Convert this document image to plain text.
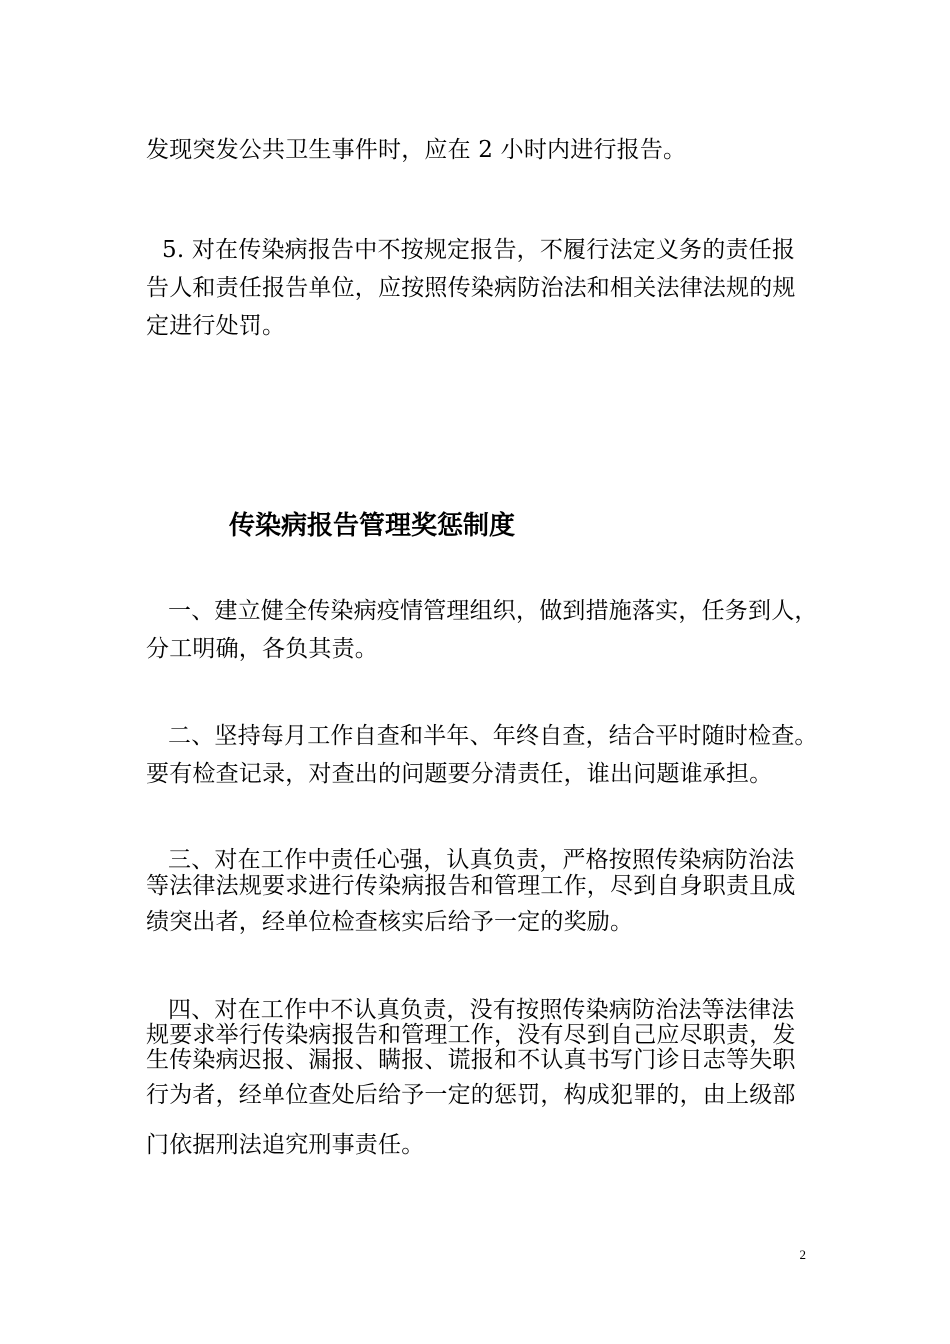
发现突发公共卫生事件时，应在 2 小时内进行报告。
5. 对在传染病报告中不按规定报告，不履行法定义务的责任报
告人和责任报告单位，应按照传染病防治法和相关法律法规的规
定进行处罚。
传染病报告管理奖惩制度
一、建立健全传染病疫情管理组织，做到措施落实，任务到人，
分工明确，各负其责。
二、坚持每月工作自查和半年、年终自查，结合平时随时检查。
要有检查记录，对查出的问题要分清责任，谁出问题谁承担。
三、对在工作中责任心强，认真负责，严格按照传染病防治法
等法律法规要求进行传染病报告和管理工作，尽到自身职责且成
绩突出者，经单位检查核实后给予一定的奖励。
四、对在工作中不认真负责，没有按照传染病防治法等法律法
规要求举行传染病报告和管理工作，没有尽到自己应尽职责，发
生传染病迟报、漏报、瞒报、谎报和不认真书写门诊日志等失职
行为者，经单位查处后给予一定的惩罚，构成犯罪的，由上级部
门依据刑法追究刑事责任。
2
